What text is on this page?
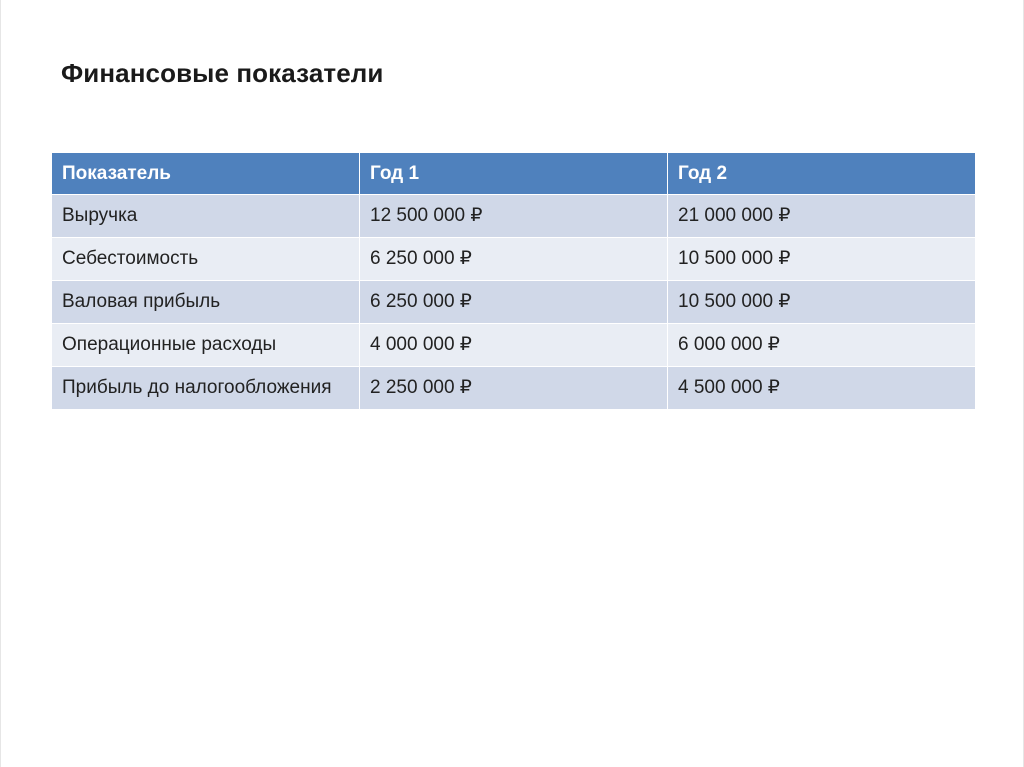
Финансовые показатели
Показатель	Год 1	Год 2
Выручка	12 500 000 ₽	21 000 000 ₽
Себестоимость	6 250 000 ₽	10 500 000 ₽
Валовая прибыль	6 250 000 ₽	10 500 000 ₽
Операционные расходы	4 000 000 ₽	6 000 000 ₽
Прибыль до налогообложения	2 250 000 ₽	4 500 000 ₽
